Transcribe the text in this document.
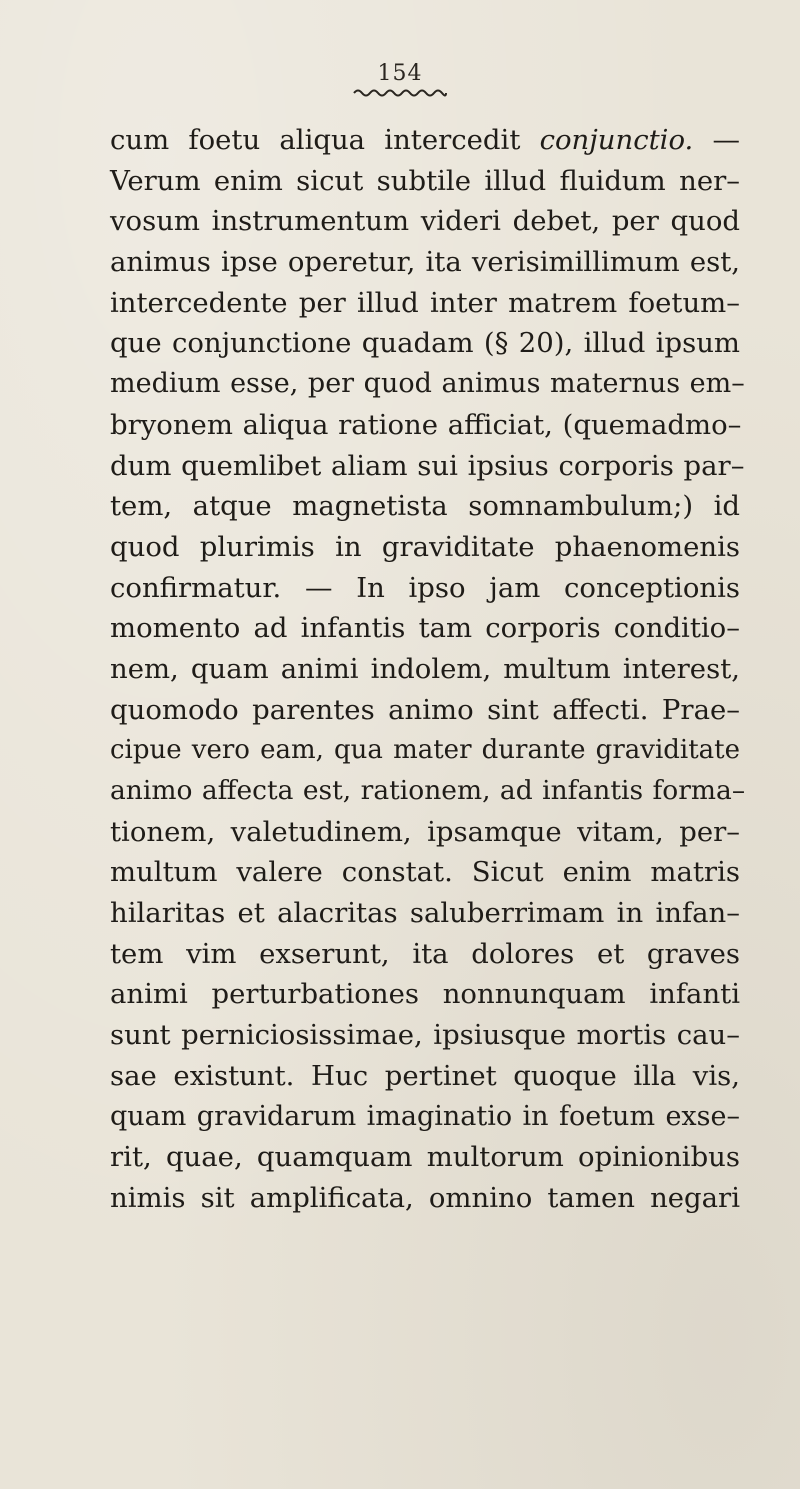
154
cum foetu aliqua intercedit conjunctio. —
Verum enim sicut subtile illud fluidum ner–
vosum instrumentum videri debet, per quod
animus ipse operetur, ita verisimillimum est,
intercedente per illud inter matrem foetum–
que conjunctione quadam (§ 20), illud ipsum
medium esse, per quod animus maternus em–
bryonem aliqua ratione afficiat, (quemadmo–
dum quemlibet aliam sui ipsius corporis par–
tem, atque magnetista somnambulum;) id
quod plurimis in graviditate phaenomenis
confirmatur. — In ipso jam conceptionis
momento ad infantis tam corporis conditio–
nem, quam animi indolem, multum interest,
quomodo parentes animo sint affecti. Prae–
cipue vero eam, qua mater durante graviditate
animo affecta est, rationem, ad infantis forma–
tionem, valetudinem, ipsamque vitam, per–
multum valere constat. Sicut enim matris
hilaritas et alacritas saluberrimam in infan–
tem vim exserunt, ita dolores et graves
animi perturbationes nonnunquam infanti
sunt perniciosissimae, ipsiusque mortis cau–
sae existunt. Huc pertinet quoque illa vis,
quam gravidarum imaginatio in foetum exse–
rit, quae, quamquam multorum opinionibus
nimis sit amplificata, omnino tamen negari
